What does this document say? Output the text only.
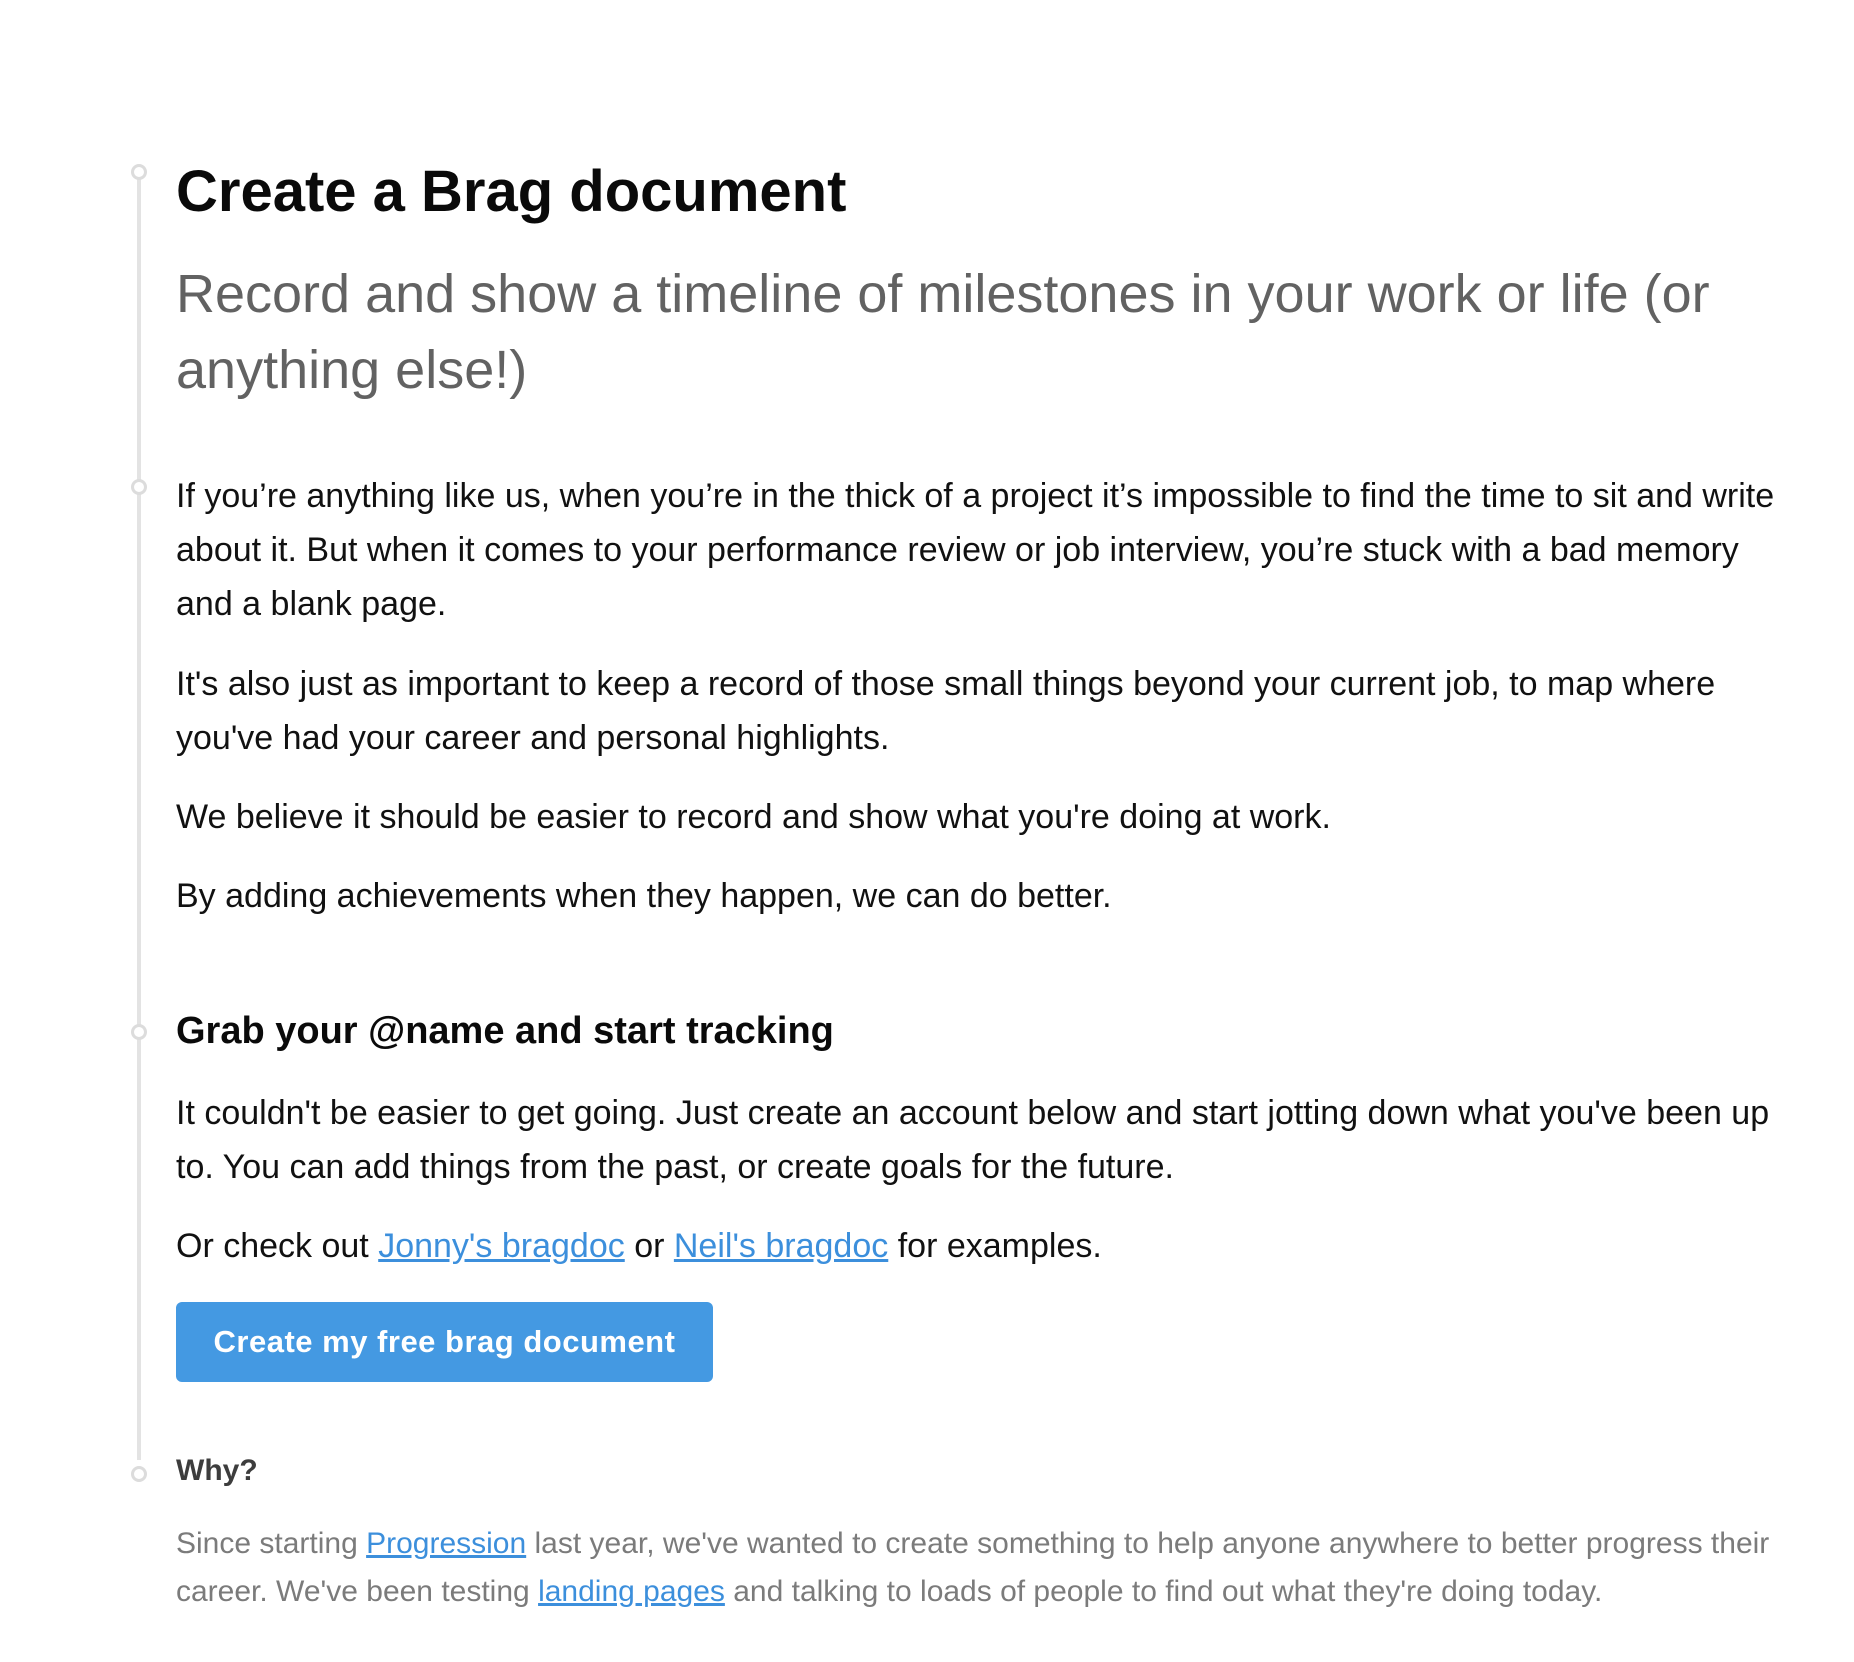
Create a Brag document
Record and show a timeline of milestones in your work or life (or anything else!)

If you’re anything like us, when you’re in the thick of a project it’s impossible to find the time to sit and write about it. But when it comes to your performance review or job interview, you’re stuck with a bad memory and a blank page.

It's also just as important to keep a record of those small things beyond your current job, to map where you've had your career and personal highlights.

We believe it should be easier to record and show what you're doing at work.

By adding achievements when they happen, we can do better.

Grab your @name and start tracking

It couldn't be easier to get going. Just create an account below and start jotting down what you've been up to. You can add things from the past, or create goals for the future.

Or check out Jonny's bragdoc or Neil's bragdoc for examples.

Create my free brag document
Why?

Since starting Progression last year, we've wanted to create something to help anyone anywhere to better progress their career. We've been testing landing pages and talking to loads of people to find out what they're doing today.
